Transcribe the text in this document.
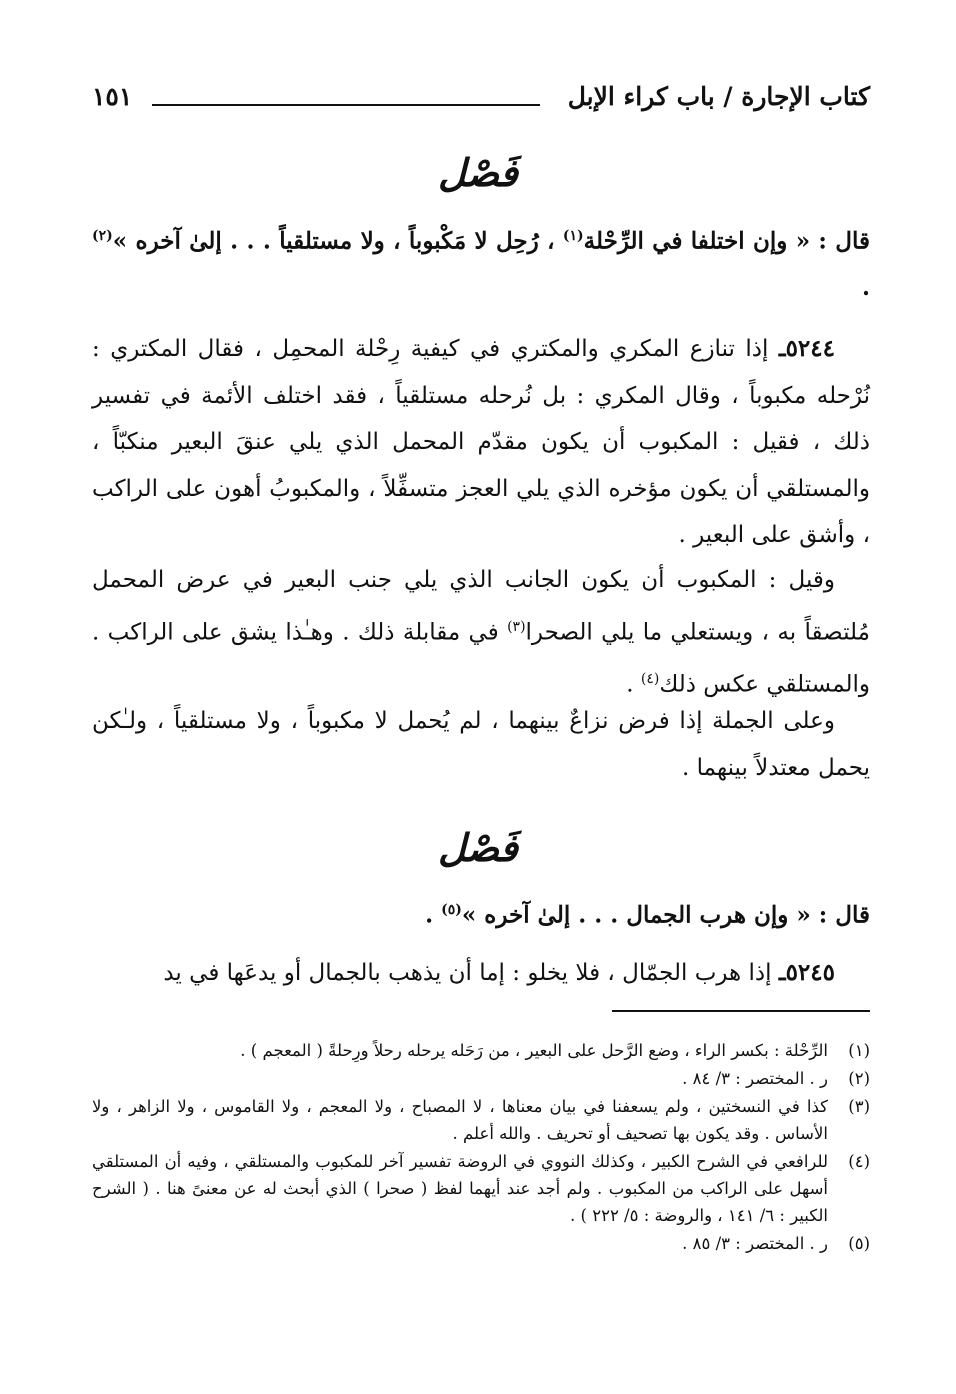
كتاب الإجارة / باب كراء الإبل
١٥١
فَصْل
قال : « وإن اختلفا في الرِّحْلة$^{(١)}$ ، رُحِل لا مَكْبوباً ، ولا مستلقياً . . . إلىٰ آخره »$^{(٢)}$ .
٥٢٤٤ـ إذا تنازع المكري والمكتري في كيفية رِحْلة المحمِل ، فقال المكتري : نُرْحله مكبوباً ، وقال المكري : بل نُرحله مستلقياً ، فقد اختلف الأئمة في تفسير ذلك ، فقيل : المكبوب أن يكون مقدّم المحمل الذي يلي عنقَ البعير منكبّاً ، والمستلقي أن يكون مؤخره الذي يلي العجز متسفِّلاً ، والمكبوبُ أهون على الراكب ، وأشق على البعير .
وقيل : المكبوب أن يكون الجانب الذي يلي جنب البعير في عرض المحمل مُلتصقاً به ، ويستعلي ما يلي الصحرا$^{(٣)}$ في مقابلة ذلك . وهـٰذا يشق على الراكب . والمستلقي عكس ذلك$^{(٤)}$ .
وعلى الجملة إذا فرض نزاعٌ بينهما ، لم يُحمل لا مكبوباً ، ولا مستلقياً ، ولـٰكن يحمل معتدلاً بينهما .
فَصْل
قال : « وإن هرب الجمال . . . إلىٰ آخره »$^{(٥)}$ .
٥٢٤٥ـ إذا هرب الجمّال ، فلا يخلو : إما أن يذهب بالجمال أو يدعَها في يد
(١)
الرِّحْلة : بكسر الراء ، وضع الرَّحل على البعير ، من رَحَله يرحله رحلاً ورِحلةً ( المعجم ) .
(٢)
ر . المختصر : ٣/ ٨٤ .
(٣)
كذا في النسختين ، ولم يسعفنا في بيان معناها ، لا المصباح ، ولا المعجم ، ولا القاموس ، ولا الزاهر ، ولا الأساس . وقد يكون بها تصحيف أو تحريف . والله أعلم .
(٤)
للرافعي في الشرح الكبير ، وكذلك النووي في الروضة تفسير آخر للمكبوب والمستلقي ، وفيه أن المستلقي أسهل على الراكب من المكبوب . ولم أجد عند أيهما لفظ ( صحرا ) الذي أبحث له عن معنىً هنا . ( الشرح الكبير : ٦/ ١٤١ ، والروضة : ٥/ ٢٢٢ ) .
(٥)
ر . المختصر : ٣/ ٨٥ .
